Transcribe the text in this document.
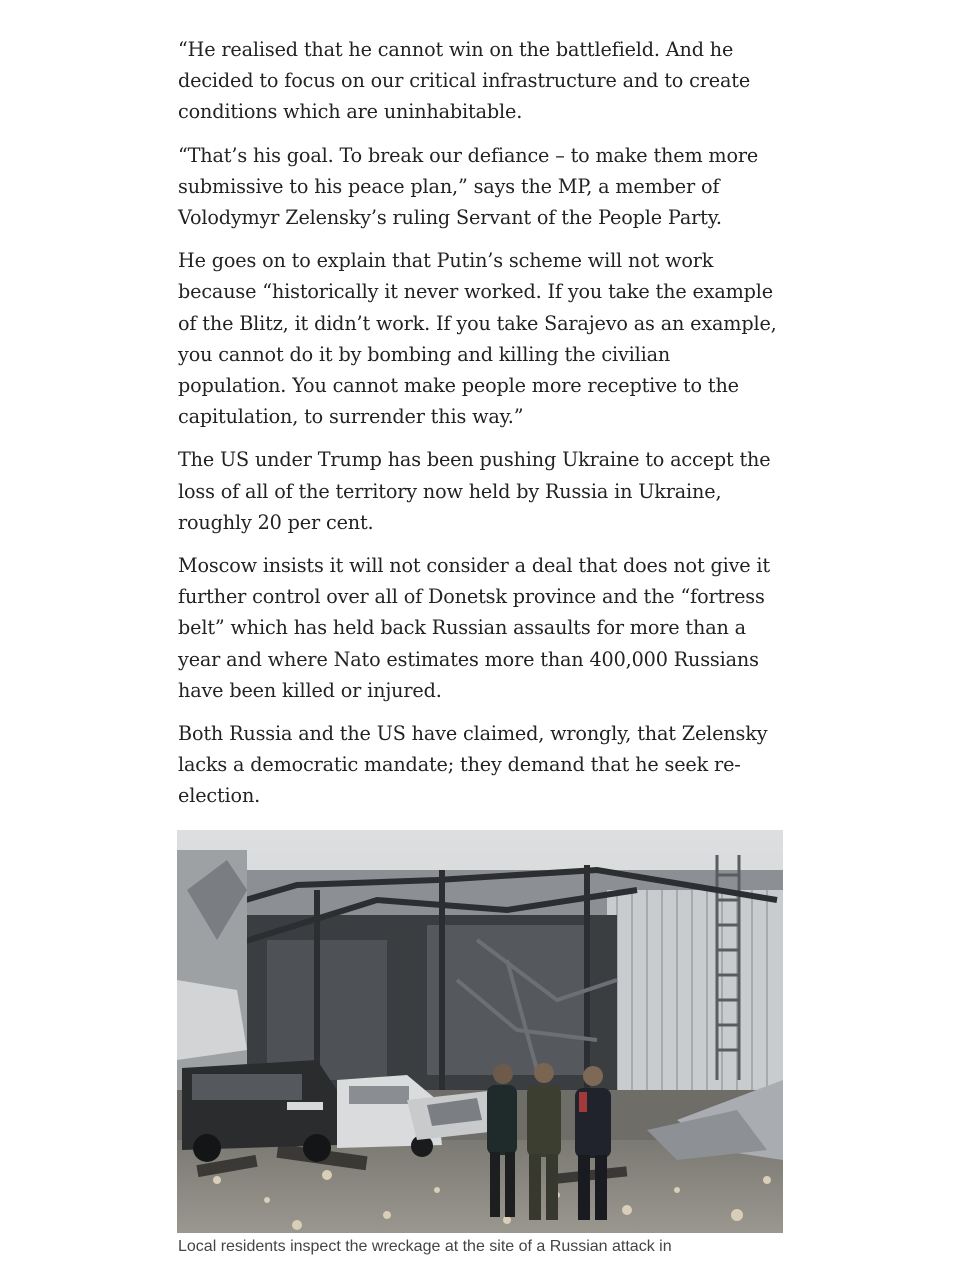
“He realised that he cannot win on the battlefield. And he decided to focus on our critical infrastructure and to create conditions which are uninhabitable.

“That’s his goal. To break our defiance – to make them more submissive to his peace plan,” says the MP, a member of Volodymyr Zelensky’s ruling Servant of the People Party.

He goes on to explain that Putin’s scheme will not work because “historically it never worked. If you take the example of the Blitz, it didn’t work. If you take Sarajevo as an example, you cannot do it by bombing and killing the civilian population. You cannot make people more receptive to the capitulation, to surrender this way.”

The US under Trump has been pushing Ukraine to accept the loss of all of the territory now held by Russia in Ukraine, roughly 20 per cent.

Moscow insists it will not consider a deal that does not give it further control over all of Donetsk province and the “fortress belt” which has held back Russian assaults for more than a year and where Nato estimates more than 400,000 Russians have been killed or injured.

Both Russia and the US have claimed, wrongly, that Zelensky lacks a democratic mandate; they demand that he seek re-election.

Local residents inspect the wreckage at the site of a Russian attack in
